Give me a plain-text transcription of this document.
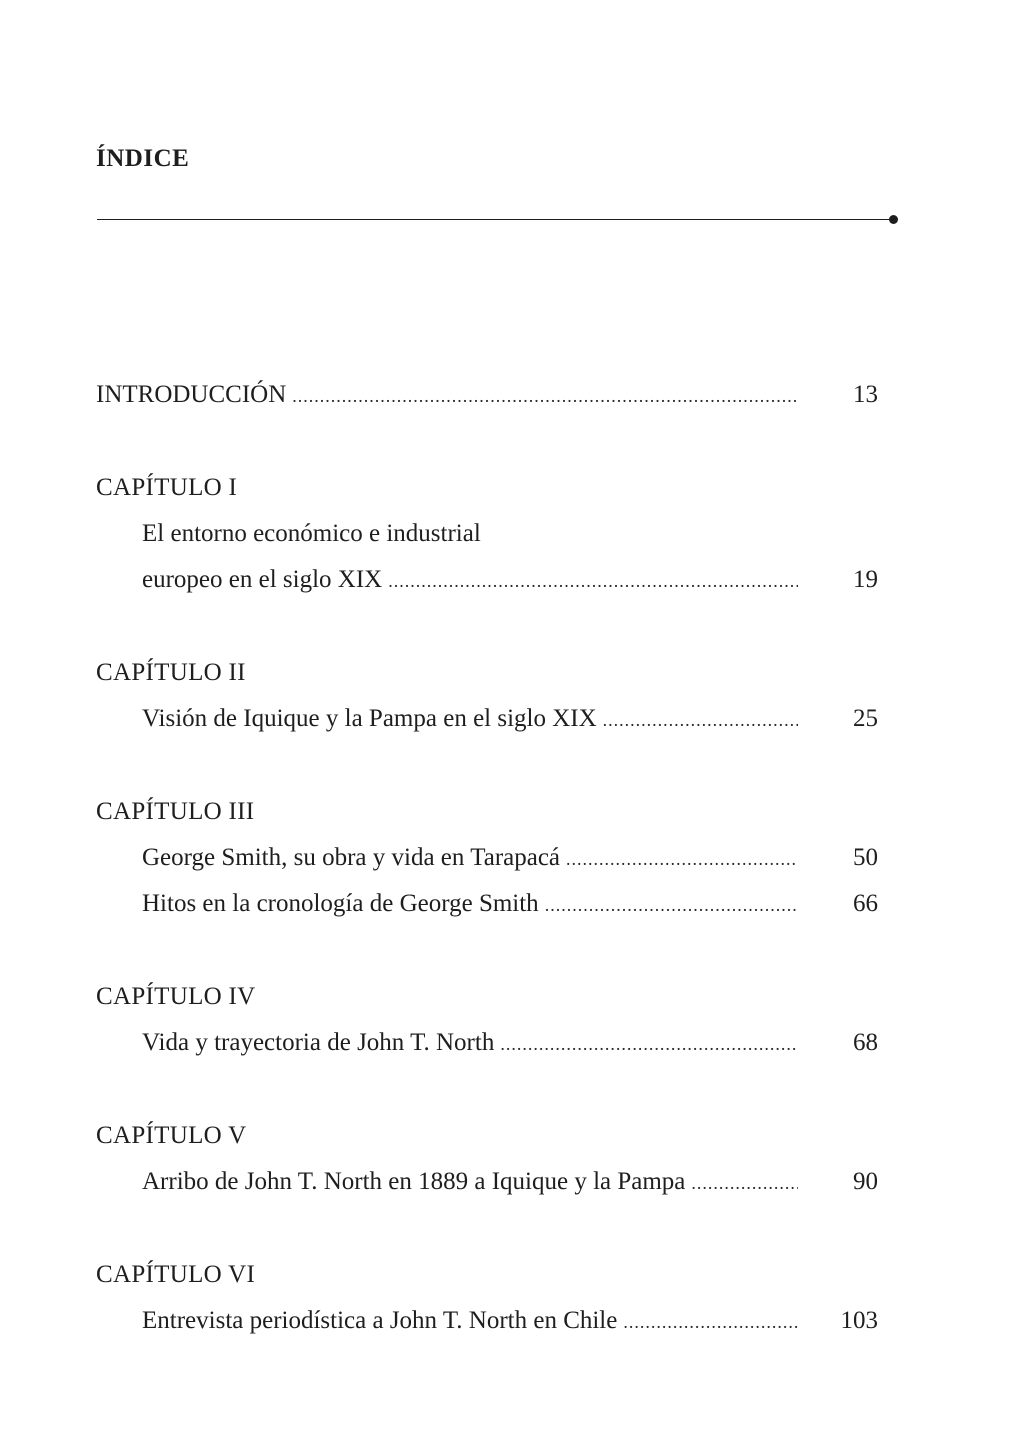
ÍNDICE
INTRODUCCIÓN .....	13
CAPÍTULO I
El entorno económico e industrial
europeo en el siglo XIX .....	19
CAPÍTULO II
Visión de Iquique y la Pampa en el siglo XIX .....	25
CAPÍTULO III
George Smith, su obra y vida en Tarapacá .....	50
Hitos en la cronología de George Smith .....	66
CAPÍTULO IV
Vida y trayectoria de John T. North .....	68
CAPÍTULO V
Arribo de John T. North en 1889 a Iquique y la Pampa .....	90
CAPÍTULO VI
Entrevista periodística a John T. North en Chile .....	103
